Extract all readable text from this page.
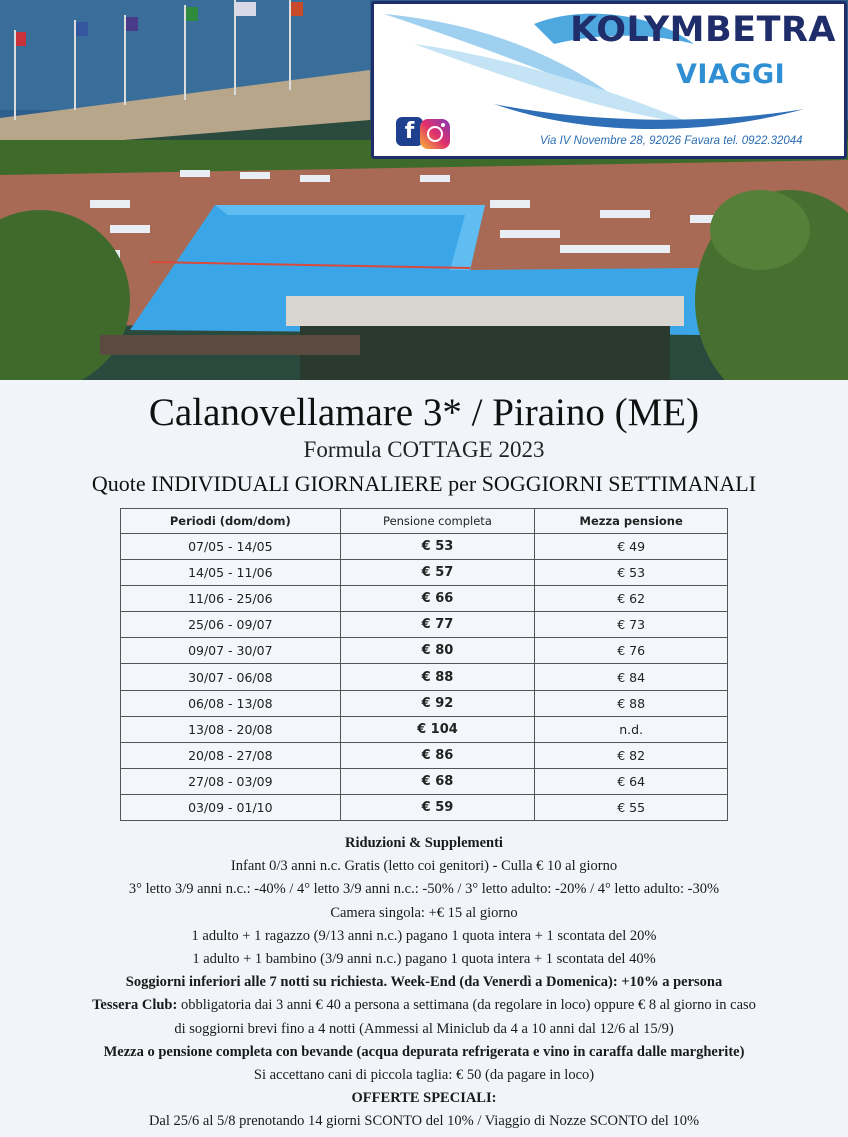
KOLYMBETRA
VIAGGI
f	Via IV Novembre 28, 92026 Favara tel. 0922.32044
Calanovellamare 3* / Piraino (ME)
Formula COTTAGE 2023
Quote INDIVIDUALI GIORNALIERE per SOGGIORNI SETTIMANALI
Periodi (dom/dom)	Pensione completa	Mezza pensione
07/05 - 14/05	€ 53	€ 49
14/05 - 11/06	€ 57	€ 53
11/06 - 25/06	€ 66	€ 62
25/06 - 09/07	€ 77	€ 73
09/07 - 30/07	€ 80	€ 76
30/07 - 06/08	€ 88	€ 84
06/08 - 13/08	€ 92	€ 88
13/08 - 20/08	€ 104	n.d.
20/08 - 27/08	€ 86	€ 82
27/08 - 03/09	€ 68	€ 64
03/09 - 01/10	€ 59	€ 55
Riduzioni & Supplementi
Infant 0/3 anni n.c. Gratis (letto coi genitori) - Culla € 10 al giorno
3° letto 3/9 anni n.c.: -40% / 4° letto 3/9 anni n.c.: -50% / 3° letto adulto: -20% / 4° letto adulto: -30%
Camera singola: +€ 15 al giorno
1 adulto + 1 ragazzo (9/13 anni n.c.) pagano 1 quota intera + 1 scontata del 20%
1 adulto + 1 bambino (3/9 anni n.c.) pagano 1 quota intera + 1 scontata del 40%
Soggiorni inferiori alle 7 notti su richiesta. Week-End (da Venerdì a Domenica): +10% a persona
Tessera Club: obbligatoria dai 3 anni € 40 a persona a settimana (da regolare in loco) oppure € 8 al giorno in caso
di soggiorni brevi fino a 4 notti (Ammessi al Miniclub da 4 a 10 anni dal 12/6 al 15/9)
Mezza o pensione completa con bevande (acqua depurata refrigerata e vino in caraffa dalle margherite)
Si accettano cani di piccola taglia: € 50 (da pagare in loco)
OFFERTE SPECIALI:
Dal 25/6 al 5/8 prenotando 14 giorni SCONTO del 10% / Viaggio di Nozze SCONTO del 10%
